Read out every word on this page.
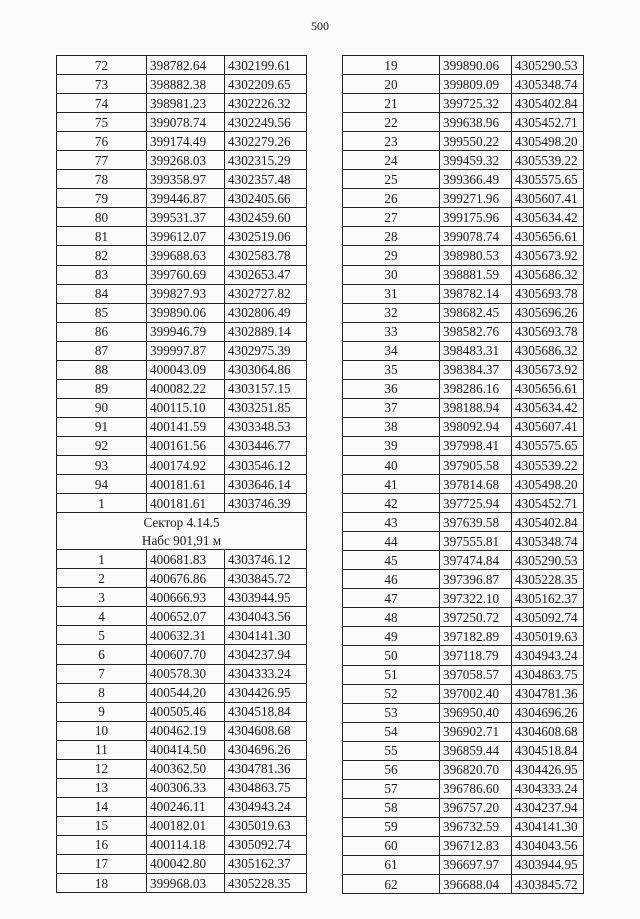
500
72	398782.64	4302199.61
73	398882.38	4302209.65
74	398981.23	4302226.32
75	399078.74	4302249.56
76	399174.49	4302279.26
77	399268.03	4302315.29
78	399358.97	4302357.48
79	399446.87	4302405.66
80	399531.37	4302459.60
81	399612.07	4302519.06
82	399688.63	4302583.78
83	399760.69	4302653.47
84	399827.93	4302727.82
85	399890.06	4302806.49
86	399946.79	4302889.14
87	399997.87	4302975.39
88	400043.09	4303064.86
89	400082.22	4303157.15
90	400115.10	4303251.85
91	400141.59	4303348.53
92	400161.56	4303446.77
93	400174.92	4303546.12
94	400181.61	4303646.14
1	400181.61	4303746.39
Сектор 4.14.5		
Набс 901,91 м		
1	400681.83	4303746.12
2	400676.86	4303845.72
3	400666.93	4303944.95
4	400652.07	4304043.56
5	400632.31	4304141.30
6	400607.70	4304237.94
7	400578.30	4304333.24
8	400544.20	4304426.95
9	400505.46	4304518.84
10	400462.19	4304608.68
11	400414.50	4304696.26
12	400362.50	4304781.36
13	400306.33	4304863.75
14	400246.11	4304943.24
15	400182.01	4305019.63
16	400114.18	4305092.74
17	400042.80	4305162.37
18	399968.03	4305228.35
19	399890.06	4305290.53
20	399809.09	4305348.74
21	399725.32	4305402.84
22	399638.96	4305452.71
23	399550.22	4305498.20
24	399459.32	4305539.22
25	399366.49	4305575.65
26	399271.96	4305607.41
27	399175.96	4305634.42
28	399078.74	4305656.61
29	398980.53	4305673.92
30	398881.59	4305686.32
31	398782.14	4305693.78
32	398682.45	4305696.26
33	398582.76	4305693.78
34	398483.31	4305686.32
35	398384.37	4305673.92
36	398286.16	4305656.61
37	398188.94	4305634.42
38	398092.94	4305607.41
39	397998.41	4305575.65
40	397905.58	4305539.22
41	397814.68	4305498.20
42	397725.94	4305452.71
43	397639.58	4305402.84
44	397555.81	4305348.74
45	397474.84	4305290.53
46	397396.87	4305228.35
47	397322.10	4305162.37
48	397250.72	4305092.74
49	397182.89	4305019.63
50	397118.79	4304943.24
51	397058.57	4304863.75
52	397002.40	4304781.36
53	396950.40	4304696.26
54	396902.71	4304608.68
55	396859.44	4304518.84
56	396820.70	4304426.95
57	396786.60	4304333.24
58	396757.20	4304237.94
59	396732.59	4304141.30
60	396712.83	4304043.56
61	396697.97	4303944.95
62	396688.04	4303845.72
